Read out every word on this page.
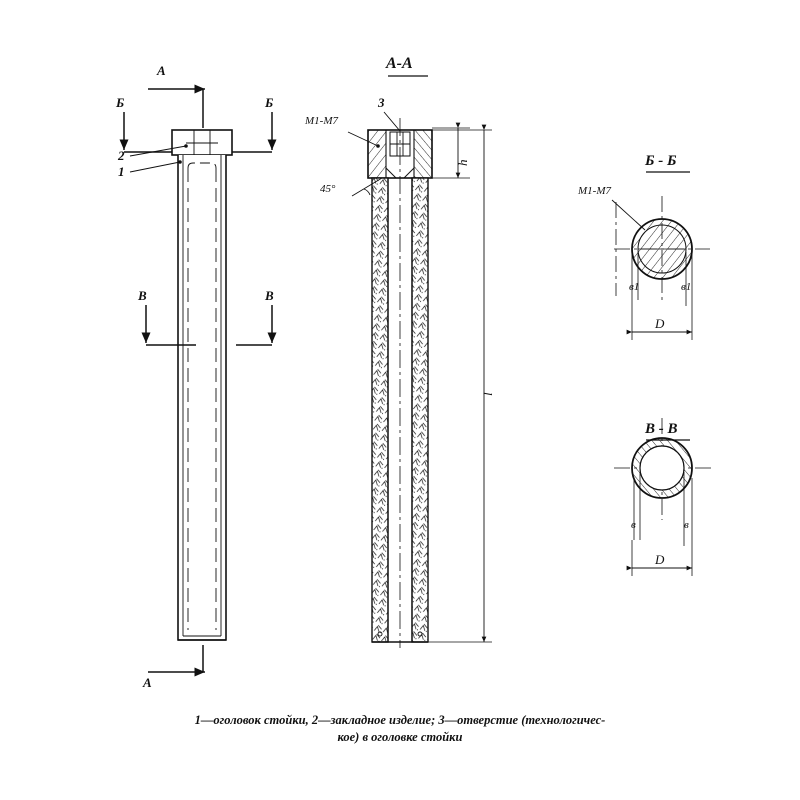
А
А
Б	Б
В	В
2
1
А-А
3
М1-М7
45°
h
l
Б - Б
М1-М7
в1	в1
D
В - В
в	в
D
1—оголовок стойки, 2—закладное изделие; 3—отверстие (технологичес-
кое) в оголовке стойки
